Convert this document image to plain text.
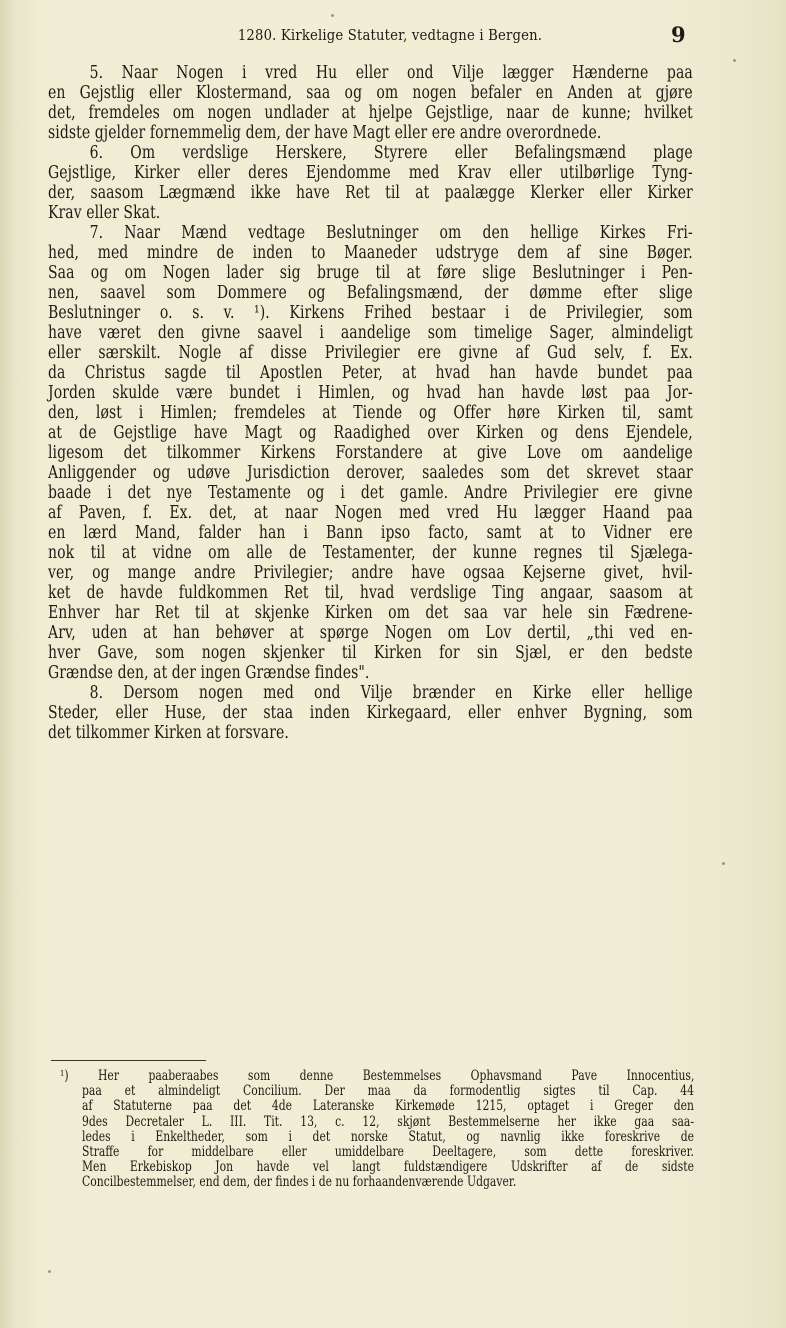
1280. Kirkelige Statuter, vedtagne i Bergen.	9
5. Naar Nogen i vred Hu eller ond Vilje lægger Hænderne paa
en Gejstlig eller Klostermand, saa og om nogen befaler en Anden at gjøre
det, fremdeles om nogen undlader at hjelpe Gejstlige, naar de kunne; hvilket
sidste gjelder fornemmelig dem, der have Magt eller ere andre overordnede.
6. Om verdslige Herskere, Styrere eller Befalingsmænd plage
Gejstlige, Kirker eller deres Ejendomme med Krav eller utilbørlige Tyng-
der, saasom Lægmænd ikke have Ret til at paalægge Klerker eller Kirker
Krav eller Skat.
7. Naar Mænd vedtage Beslutninger om den hellige Kirkes Fri-
hed, med mindre de inden to Maaneder udstryge dem af sine Bøger.
Saa og om Nogen lader sig bruge til at føre slige Beslutninger i Pen-
nen, saavel som Dommere og Befalingsmænd, der dømme efter slige
Beslutninger o. s. v. ¹). Kirkens Frihed bestaar i de Privilegier, som
have været den givne saavel i aandelige som timelige Sager, almindeligt
eller særskilt. Nogle af disse Privilegier ere givne af Gud selv, f. Ex.
da Christus sagde til Apostlen Peter, at hvad han havde bundet paa
Jorden skulde være bundet i Himlen, og hvad han havde løst paa Jor-
den, løst i Himlen; fremdeles at Tiende og Offer høre Kirken til, samt
at de Gejstlige have Magt og Raadighed over Kirken og dens Ejendele,
ligesom det tilkommer Kirkens Forstandere at give Love om aandelige
Anliggender og udøve Jurisdiction derover, saaledes som det skrevet staar
baade i det nye Testamente og i det gamle. Andre Privilegier ere givne
af Paven, f. Ex. det, at naar Nogen med vred Hu lægger Haand paa
en lærd Mand, falder han i Bann ipso facto, samt at to Vidner ere
nok til at vidne om alle de Testamenter, der kunne regnes til Sjælega-
ver, og mange andre Privilegier; andre have ogsaa Kejserne givet, hvil-
ket de havde fuldkommen Ret til, hvad verdslige Ting angaar, saasom at
Enhver har Ret til at skjenke Kirken om det saa var hele sin Fædrene-
Arv, uden at han behøver at spørge Nogen om Lov dertil, „thi ved en-
hver Gave, som nogen skjenker til Kirken for sin Sjæl, er den bedste
Grændse den, at der ingen Grændse findes".
8. Dersom nogen med ond Vilje brænder en Kirke eller hellige
Steder, eller Huse, der staa inden Kirkegaard, eller enhver Bygning, som
det tilkommer Kirken at forsvare.
¹) Her paaberaabes som denne Bestemmelses Ophavsmand Pave Innocentius,
paa et almindeligt Concilium. Der maa da formodentlig sigtes til Cap. 44
af Statuterne paa det 4de Lateranske Kirkemøde 1215, optaget i Greger den
9des Decretaler L. III. Tit. 13, c. 12, skjønt Bestemmelserne her ikke gaa saa-
ledes i Enkeltheder, som i det norske Statut, og navnlig ikke foreskrive de
Straffe for middelbare eller umiddelbare Deeltagere, som dette foreskriver.
Men Erkebiskop Jon havde vel langt fuldstændigere Udskrifter af de sidste
Concilbestemmelser, end dem, der findes i de nu forhaandenværende Udgaver.
